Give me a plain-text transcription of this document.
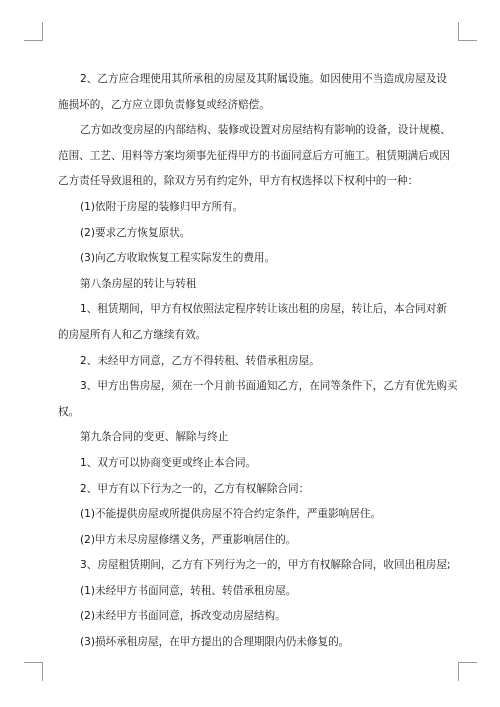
2、乙方应合理使用其所承租的房屋及其附属设施。如因使用不当造成房屋及设

施损坏的，乙方应立即负责修复或经济赔偿。

乙方如改变房屋的内部结构、装修或设置对房屋结构有影响的设备，设计规模、

范围、工艺、用料等方案均须事先征得甲方的书面同意后方可施工。租赁期满后或因

乙方责任导致退租的，除双方另有约定外，甲方有权选择以下权利中的一种：

(1)依附于房屋的装修归甲方所有。

(2)要求乙方恢复原状。

(3)向乙方收取恢复工程实际发生的费用。

第八条房屋的转让与转租

1、租赁期间，甲方有权依照法定程序转让该出租的房屋，转让后，本合同对新

的房屋所有人和乙方继续有效。

2、未经甲方同意，乙方不得转租、转借承租房屋。

3、甲方出售房屋，须在一个月前书面通知乙方，在同等条件下，乙方有优先购买

权。

第九条合同的变更、解除与终止

1、双方可以协商变更或终止本合同。

2、甲方有以下行为之一的，乙方有权解除合同：

(1)不能提供房屋或所提供房屋不符合约定条件，严重影响居住。

(2)甲方未尽房屋修缮义务，严重影响居住的。

3、房屋租赁期间，乙方有下列行为之一的，甲方有权解除合同，收回出租房屋;

(1)未经甲方书面同意，转租、转借承租房屋。

(2)未经甲方书面同意，拆改变动房屋结构。

(3)损坏承租房屋，在甲方提出的合理期限内仍未修复的。
